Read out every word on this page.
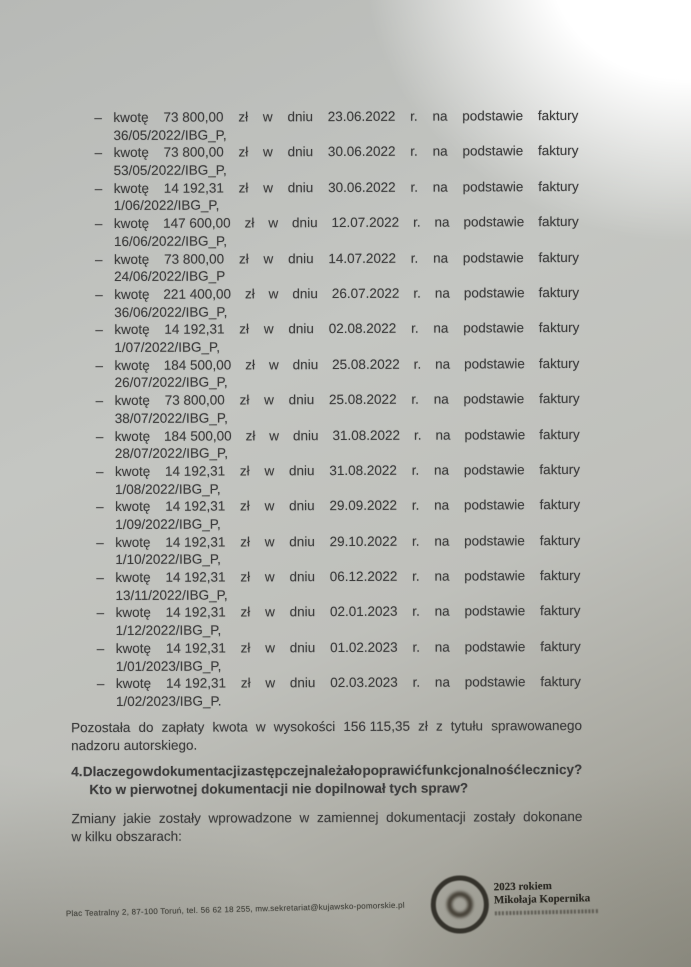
– kwotę 73 800,00 zł w dniu 23.06.2022 r. na podstawie faktury
36/05/2022/IBG_P,
– kwotę 73 800,00 zł w dniu 30.06.2022 r. na podstawie faktury
53/05/2022/IBG_P,
– kwotę 14 192,31 zł w dniu 30.06.2022 r. na podstawie faktury
1/06/2022/IBG_P,
– kwotę 147 600,00 zł w dniu 12.07.2022 r. na podstawie faktury
16/06/2022/IBG_P,
– kwotę 73 800,00 zł w dniu 14.07.2022 r. na podstawie faktury
24/06/2022/IBG_P
– kwotę 221 400,00 zł w dniu 26.07.2022 r. na podstawie faktury
36/06/2022/IBG_P,
– kwotę 14 192,31 zł w dniu 02.08.2022 r. na podstawie faktury
1/07/2022/IBG_P,
– kwotę 184 500,00 zł w dniu 25.08.2022 r. na podstawie faktury
26/07/2022/IBG_P,
– kwotę 73 800,00 zł w dniu 25.08.2022 r. na podstawie faktury
38/07/2022/IBG_P,
– kwotę 184 500,00 zł w dniu 31.08.2022 r. na podstawie faktury
28/07/2022/IBG_P,
– kwotę 14 192,31 zł w dniu 31.08.2022 r. na podstawie faktury
1/08/2022/IBG_P,
– kwotę 14 192,31 zł w dniu 29.09.2022 r. na podstawie faktury
1/09/2022/IBG_P,
– kwotę 14 192,31 zł w dniu 29.10.2022 r. na podstawie faktury
1/10/2022/IBG_P,
– kwotę 14 192,31 zł w dniu 06.12.2022 r. na podstawie faktury
13/11/2022/IBG_P,
– kwotę 14 192,31 zł w dniu 02.01.2023 r. na podstawie faktury
1/12/2022/IBG_P,
– kwotę 14 192,31 zł w dniu 01.02.2023 r. na podstawie faktury
1/01/2023/IBG_P,
– kwotę 14 192,31 zł w dniu 02.03.2023 r. na podstawie faktury
1/02/2023/IBG_P.
Pozostała do zapłaty kwota w wysokości 156 115,35 zł z tytułu sprawowanego
nadzoru autorskiego.
4. Dlaczego w dokumentacji zastępczej należało poprawić funkcjonalność lecznicy?
Kto w pierwotnej dokumentacji nie dopilnował tych spraw?
Zmiany jakie zostały wprowadzone w zamiennej dokumentacji zostały dokonane
w kilku obszarach:
Plac Teatralny 2, 87-100 Toruń, tel. 56 62 18 255, mw.sekretariat@kujawsko-pomorskie.pl
2023 rokiem
Mikołaja Kopernika
